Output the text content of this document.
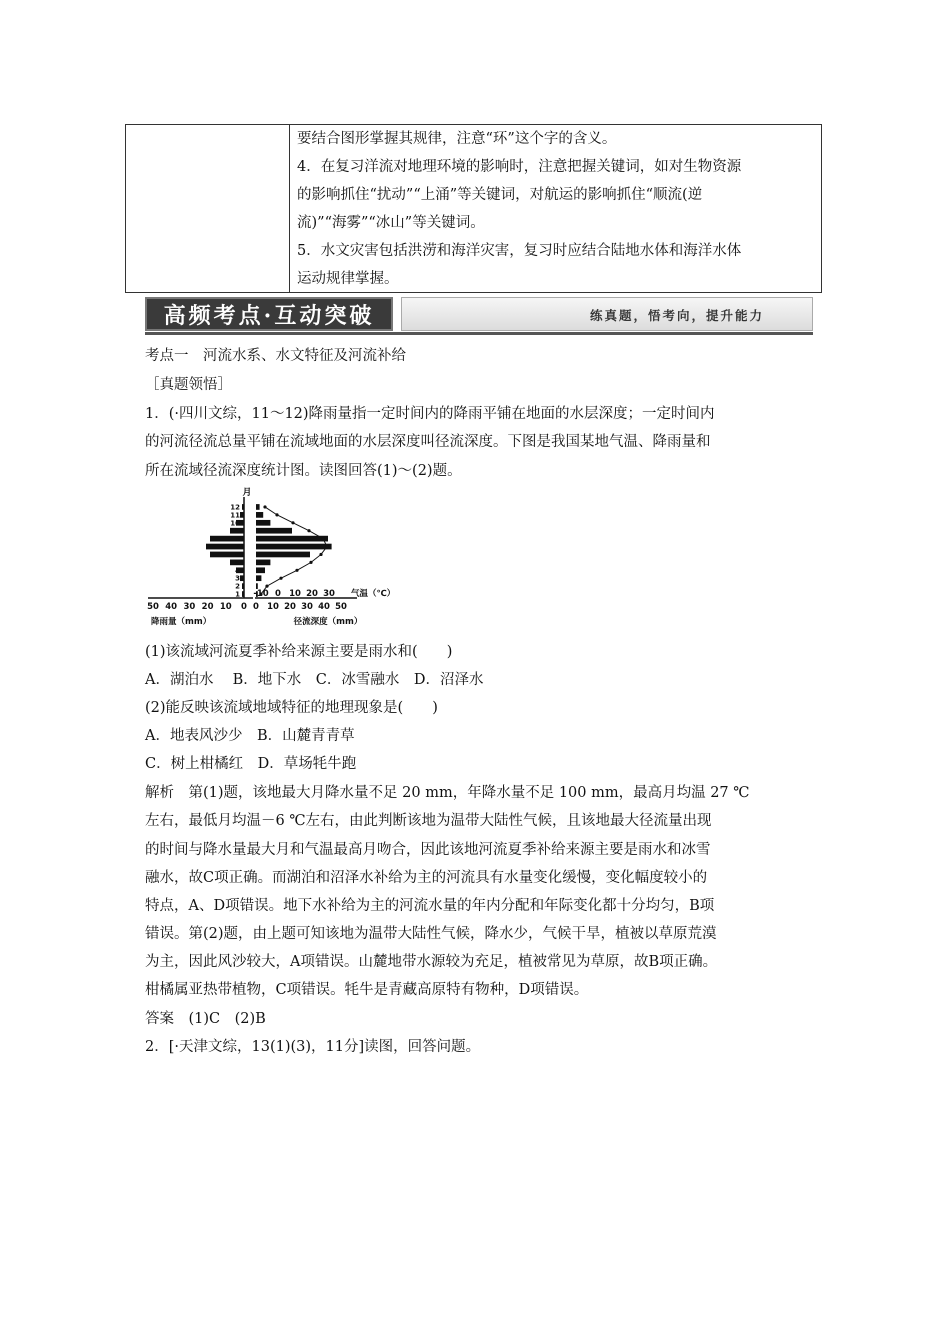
要结合图形掌握其规律，注意“环”这个字的含义。
4．在复习洋流对地理环境的影响时，注意把握关键词，如对生物资源
的影响抓住“扰动”“上涌”等关键词，对航运的影响抓住“顺流(逆
流)”“海雾”“冰山”等关键词。
5．水文灾害包括洪涝和海洋灾害，复习时应结合陆地水体和海洋水体
运动规律掌握。
高频考点·互动突破	练真题，悟考向，提升能力
考点一　河流水系、水文特征及河流补给
［真题领悟］
1．(·四川文综，11～12)降雨量指一定时间内的降雨平铺在地面的水层深度；一定时间内
的河流径流总量平铺在流域地面的水层深度叫径流深度。下图是我国某地气温、降雨量和
所在流域径流深度统计图。读图回答(1)～(2)题。
1
2
3
4
5
6
7
8
9
10
11
12
月
50 40 30 20 10 0
降雨量（mm）
0 10 20 30 40 50
径流深度（mm）
-10 0 10 20 30 气温（℃）
(1)该流域河流夏季补给来源主要是雨水和(　　)
A．湖泊水　 B．地下水　C．冰雪融水　D．沼泽水
(2)能反映该流域地域特征的地理现象是(　　)
A．地表风沙少　B．山麓青青草
C．树上柑橘红　D．草场牦牛跑
解析　第(1)题，该地最大月降水量不足 20 mm，年降水量不足 100 mm，最高月均温 27 ℃
左右，最低月均温－6 ℃左右，由此判断该地为温带大陆性气候，且该地最大径流量出现
的时间与降水量最大月和气温最高月吻合，因此该地河流夏季补给来源主要是雨水和冰雪
融水，故C项正确。而湖泊和沼泽水补给为主的河流具有水量变化缓慢，变化幅度较小的
特点，A、D项错误。地下水补给为主的河流水量的年内分配和年际变化都十分均匀，B项
错误。第(2)题，由上题可知该地为温带大陆性气候，降水少，气候干旱，植被以草原荒漠
为主，因此风沙较大，A项错误。山麓地带水源较为充足，植被常见为草原，故B项正确。
柑橘属亚热带植物，C项错误。牦牛是青藏高原特有物种，D项错误。
答案　(1)C　(2)B
2．[·天津文综，13(1)(3)，11分]读图，回答问题。
